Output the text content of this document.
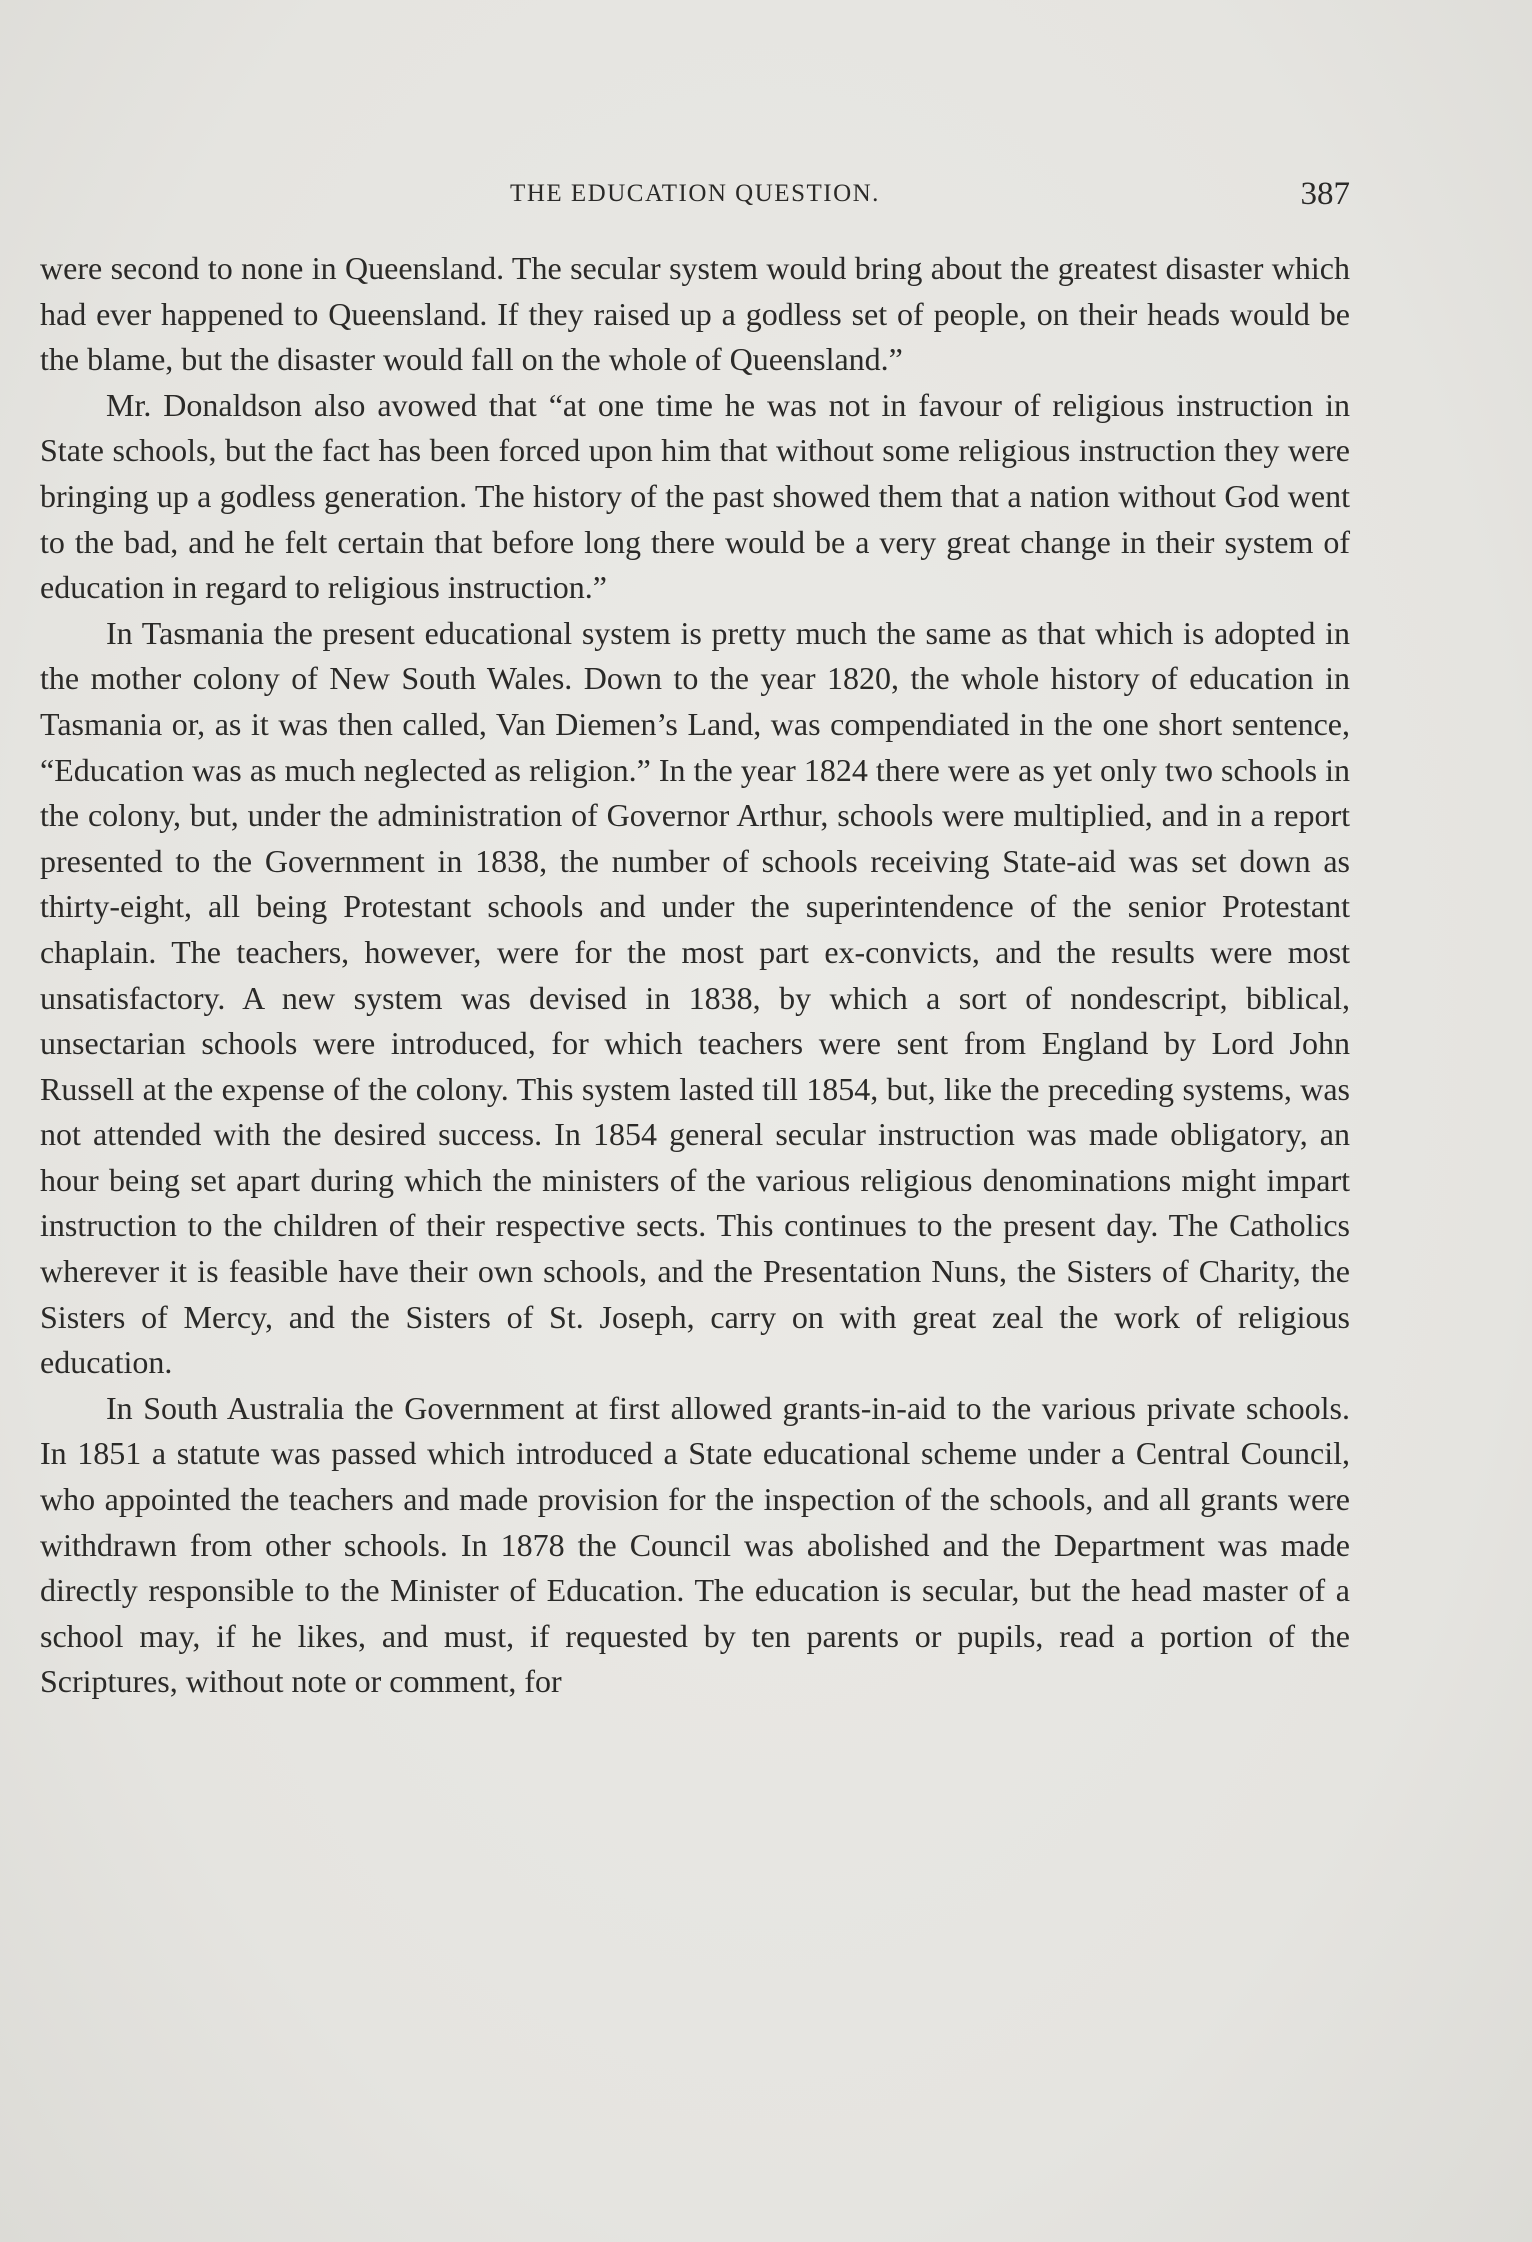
THE EDUCATION QUESTION.	387

were second to none in Queensland. The secular system would bring about the greatest disaster which had ever happened to Queensland. If they raised up a godless set of people, on their heads would be the blame, but the disaster would fall on the whole of Queensland.”

Mr. Donaldson also avowed that “at one time he was not in favour of religious instruction in State schools, but the fact has been forced upon him that without some religious instruction they were bringing up a godless generation. The history of the past showed them that a nation without God went to the bad, and he felt certain that before long there would be a very great change in their system of education in regard to religious instruction.”

In Tasmania the present educational system is pretty much the same as that which is adopted in the mother colony of New South Wales. Down to the year 1820, the whole history of education in Tasmania or, as it was then called, Van Diemen’s Land, was compendiated in the one short sentence, “Education was as much neglected as religion.” In the year 1824 there were as yet only two schools in the colony, but, under the administration of Governor Arthur, schools were multiplied, and in a report presented to the Government in 1838, the number of schools receiving State-aid was set down as thirty-eight, all being Protestant schools and under the superintendence of the senior Protestant chaplain. The teachers, however, were for the most part ex-convicts, and the results were most unsatisfactory. A new system was devised in 1838, by which a sort of nondescript, biblical, unsectarian schools were introduced, for which teachers were sent from England by Lord John Russell at the expense of the colony. This system lasted till 1854, but, like the preceding systems, was not attended with the desired success. In 1854 general secular instruction was made obligatory, an hour being set apart during which the ministers of the various religious denominations might impart instruction to the children of their respective sects. This continues to the present day. The Catholics wherever it is feasible have their own schools, and the Presentation Nuns, the Sisters of Charity, the Sisters of Mercy, and the Sisters of St. Joseph, carry on with great zeal the work of religious education.

In South Australia the Government at first allowed grants-in-aid to the various private schools. In 1851 a statute was passed which introduced a State educational scheme under a Central Council, who appointed the teachers and made provision for the inspection of the schools, and all grants were withdrawn from other schools. In 1878 the Council was abolished and the Department was made directly responsible to the Minister of Education. The education is secular, but the head master of a school may, if he likes, and must, if requested by ten parents or pupils, read a portion of the Scriptures, without note or comment, for
